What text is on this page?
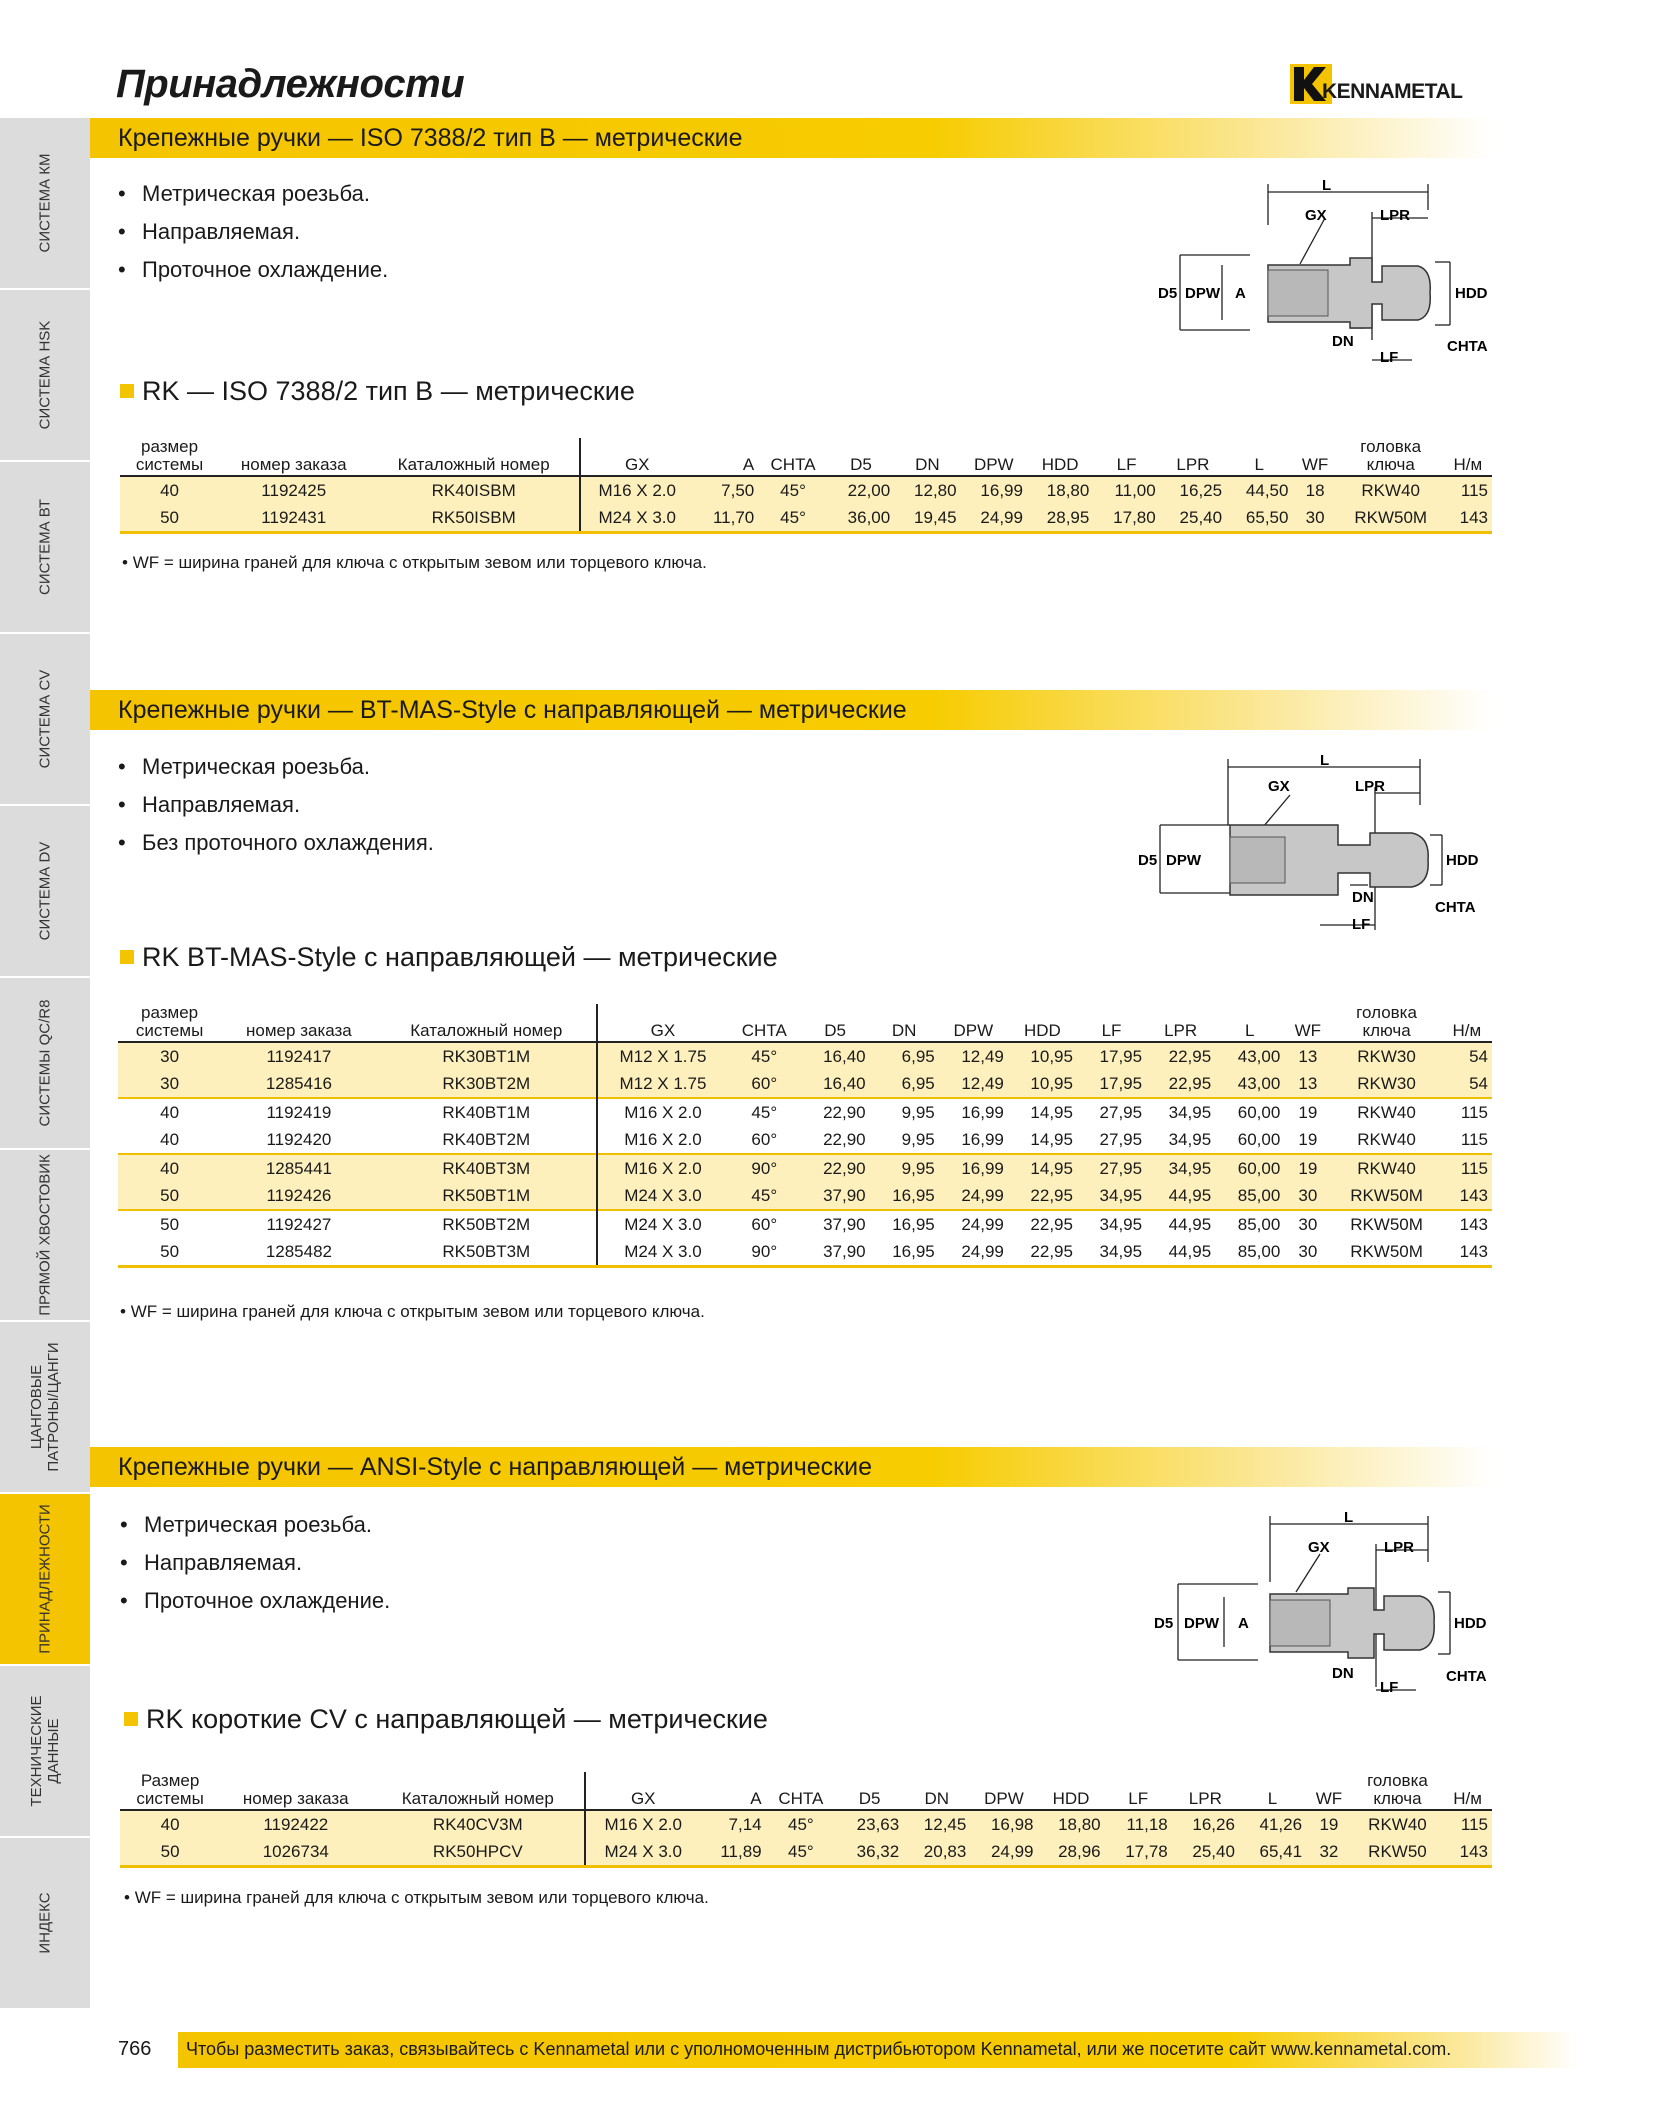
Принадлежности	KENNAMETAL
СИСТЕМА КМ
СИСТЕМА HSK
СИСТЕМА ВТ
СИСТЕМА CV
СИСТЕМА DV
СИСТЕМЫ QC/R8
ПРЯМОЙ ХВОСТОВИК
ЦАНГОВЫЕ ПАТРОНЫ/ЦАНГИ
ПРИНАДЛЕЖНОСТИ
ТЕХНИЧЕСКИЕ ДАННЫЕ
ИНДЕКС
Крепежные ручки — ISO 7388/2 тип B — метрические
• Метрическая роезьба.
• Направляемая.
• Проточное охлаждение.
L
GX	LPR
D5 DPW A	HDD
DN
LF
CHTA
RK — ISO 7388/2 тип B — метрические
размер
системы	номер заказа	Каталожный номер	GX	A	CHTA	D5	DN	DPW	HDD	LF	LPR	L	WF	головка
ключа	Н/м
40	1192425	RK40ISBM	M16 X 2.0	7,50	45°	22,00	12,80	16,99	18,80	11,00	16,25	44,50	18	RKW40	115
50	1192431	RK50ISBM	M24 X 3.0	11,70	45°	36,00	19,45	24,99	28,95	17,80	25,40	65,50	30	RKW50M	143
• WF = ширина граней для ключа с открытым зевом или торцевого ключа.
Крепежные ручки — BT-MAS-Style с направляющей — метрические
• Метрическая роезьба.
• Направляемая.
• Без проточного охлаждения.
L
GX	LPR
D5 DPW	HDD
DN
LF
CHTA
RK BT-MAS-Style с направляющей — метрические
размер
системы	номер заказа	Каталожный номер	GX	CHTA	D5	DN	DPW	HDD	LF	LPR	L	WF	головка
ключа	Н/м
30	1192417	RK30BT1M	M12 X 1.75	45°	16,40	6,95	12,49	10,95	17,95	22,95	43,00	13	RKW30	54
30	1285416	RK30BT2M	M12 X 1.75	60°	16,40	6,95	12,49	10,95	17,95	22,95	43,00	13	RKW30	54
40	1192419	RK40BT1M	M16 X 2.0	45°	22,90	9,95	16,99	14,95	27,95	34,95	60,00	19	RKW40	115
40	1192420	RK40BT2M	M16 X 2.0	60°	22,90	9,95	16,99	14,95	27,95	34,95	60,00	19	RKW40	115
40	1285441	RK40BT3M	M16 X 2.0	90°	22,90	9,95	16,99	14,95	27,95	34,95	60,00	19	RKW40	115
50	1192426	RK50BT1M	M24 X 3.0	45°	37,90	16,95	24,99	22,95	34,95	44,95	85,00	30	RKW50M	143
50	1192427	RK50BT2M	M24 X 3.0	60°	37,90	16,95	24,99	22,95	34,95	44,95	85,00	30	RKW50M	143
50	1285482	RK50BT3M	M24 X 3.0	90°	37,90	16,95	24,99	22,95	34,95	44,95	85,00	30	RKW50M	143
• WF = ширина граней для ключа с открытым зевом или торцевого ключа.
Крепежные ручки — ANSI-Style с направляющей — метрические
• Метрическая роезьба.
• Направляемая.
• Проточное охлаждение.
L
GX	LPR
D5 DPW A	HDD
DN
LF
CHTA
RK короткие CV с направляющей — метрические
Размер
системы	номер заказа	Каталожный номер	GX	A	CHTA	D5	DN	DPW	HDD	LF	LPR	L	WF	головка
ключа	Н/м
40	1192422	RK40CV3M	M16 X 2.0	7,14	45°	23,63	12,45	16,98	18,80	11,18	16,26	41,26	19	RKW40	115
50	1026734	RK50HPCV	M24 X 3.0	11,89	45°	36,32	20,83	24,99	28,96	17,78	25,40	65,41	32	RKW50	143
• WF = ширина граней для ключа с открытым зевом или торцевого ключа.
766 Чтобы разместить заказ, связывайтесь с Kennametal или с уполномоченным дистрибьютором Kennametal, или же посетите сайт www.kennametal.com.
